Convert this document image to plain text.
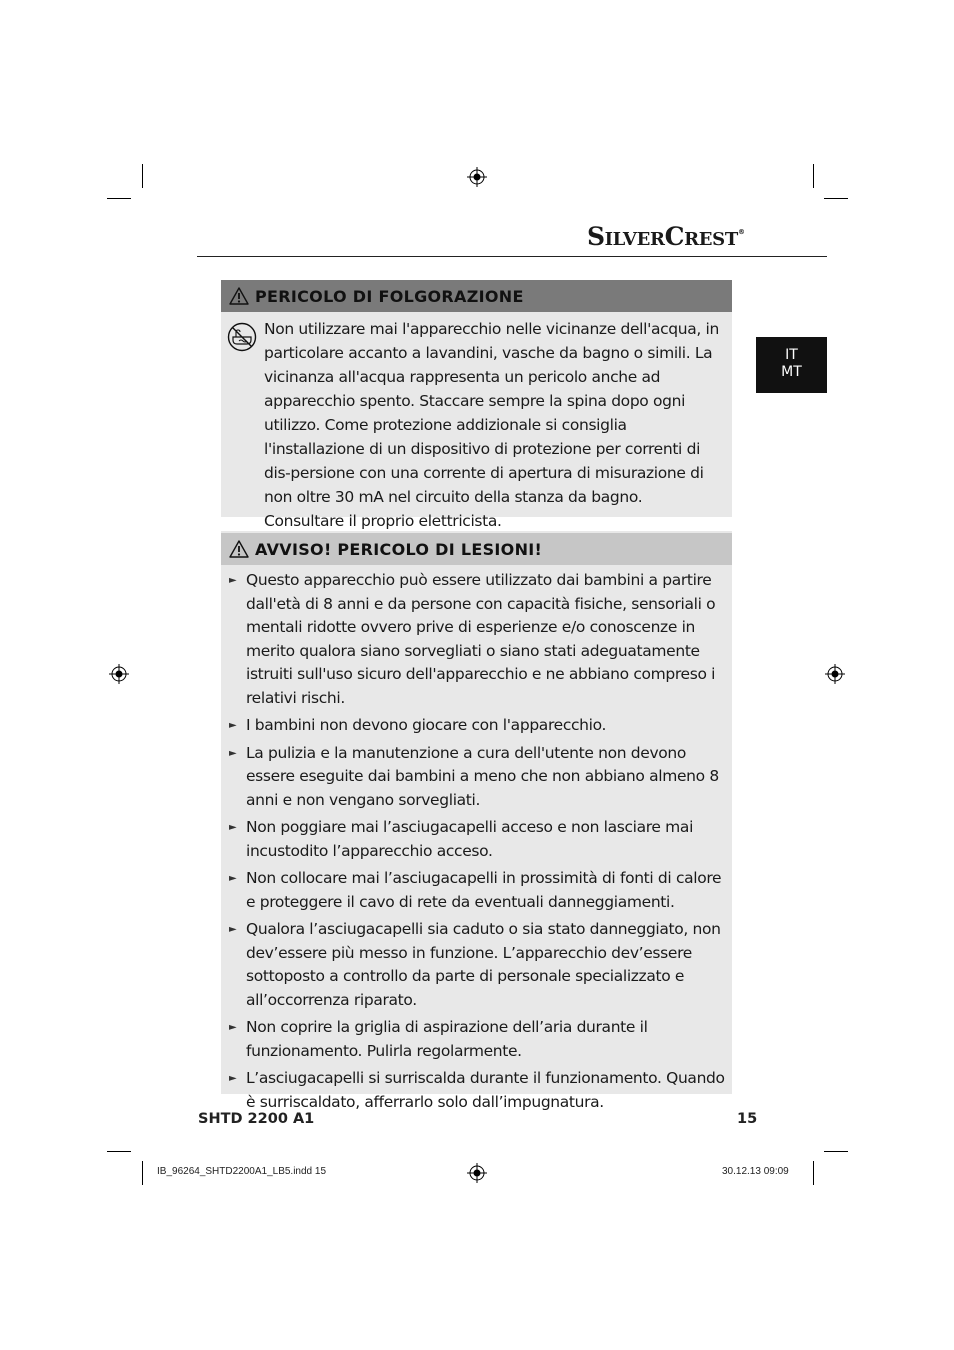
SILVERCREST®
IT
MT
PERICOLO DI FOLGORAZIONE
Non utilizzare mai l'apparecchio nelle vicinanze dell'acqua, in particolare accanto a lavandini, vasche da bagno o simili. La vicinanza all'acqua rappresenta un pericolo anche ad apparecchio spento. Staccare sempre la spina dopo ogni utilizzo. Come protezione addizionale si consiglia l'installazione di un dispositivo di protezione per correnti di dis-persione con una corrente di apertura di misurazione di non oltre 30 mA nel circuito della stanza da bagno. Consultare il proprio elettricista.
AVVISO! PERICOLO DI LESIONI!
► Questo apparecchio può essere utilizzato dai bambini a partire dall'età di 8 anni e da persone con capacità fisiche, sensoriali o mentali ridotte ovvero prive di esperienze e/o conoscenze in merito qualora siano sorvegliati o siano stati adeguatamente istruiti sull'uso sicuro dell'apparecchio e ne abbiano compreso i relativi rischi.
► I bambini non devono giocare con l'apparecchio.
► La pulizia e la manutenzione a cura dell'utente non devono essere eseguite dai bambini a meno che non abbiano almeno 8 anni e non vengano sorvegliati.
► Non poggiare mai l’asciugacapelli acceso e non lasciare mai incustodito l’apparecchio acceso.
► Non collocare mai l’asciugacapelli in prossimità di fonti di calore e proteggere il cavo di rete da eventuali danneggiamenti.
► Qualora l’asciugacapelli sia caduto o sia stato danneggiato, non dev’essere più messo in funzione. L’apparecchio dev’essere sottoposto a controllo da parte di personale specializzato e all’occorrenza riparato.
► Non coprire la griglia di aspirazione dell’aria durante il funzionamento. Pulirla regolarmente.
► L’asciugacapelli si surriscalda durante il funzionamento. Quando è surriscaldato, afferrarlo solo dall’impugnatura.
SHTD 2200 A1	15
IB_96264_SHTD2200A1_LB5.indd 15	30.12.13 09:09
